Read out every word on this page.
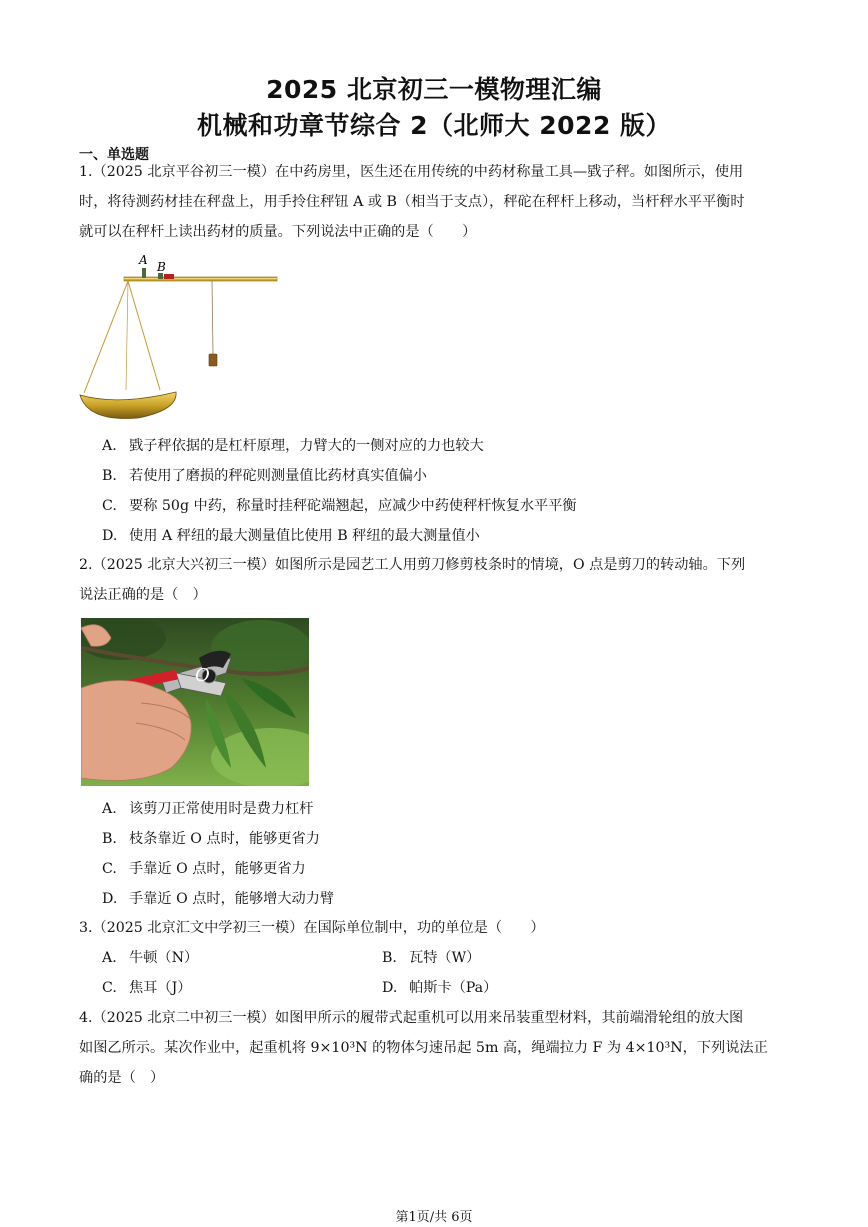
2025 北京初三一模物理汇编
机械和功章节综合 2（北师大 2022 版）
一、单选题

1.（2025 北京平谷初三一模）在中药房里，医生还在用传统的中药材称量工具—戥子秤。如图所示，使用

时，将待测药材挂在秤盘上，用手拎住秤钮 A 或 B（相当于支点），秤砣在秤杆上移动，当杆秤水平平衡时

就可以在秤杆上读出药材的质量。下列说法中正确的是（　　）

A B
A. 戥子秤依据的是杠杆原理，力臂大的一侧对应的力也较大
B. 若使用了磨损的秤砣则测量值比药材真实值偏小
C. 要称 50g 中药，称量时挂秤砣端翘起，应减少中药使秤杆恢复水平平衡
D. 使用 A 秤纽的最大测量值比使用 B 秤纽的最大测量值小

2.（2025 北京大兴初三一模）如图所示是园艺工人用剪刀修剪枝条时的情境，O 点是剪刀的转动轴。下列

说法正确的是（　）

O
A. 该剪刀正常使用时是费力杠杆
B. 枝条靠近 O 点时，能够更省力
C. 手靠近 O 点时，能够更省力
D. 手靠近 O 点时，能够增大动力臂

3.（2025 北京汇文中学初三一模）在国际单位制中，功的单位是（　　）

A. 牛顿（N）	B. 瓦特（W）
C. 焦耳（J）	D. 帕斯卡（Pa）

4.（2025 北京二中初三一模）如图甲所示的履带式起重机可以用来吊装重型材料，其前端滑轮组的放大图

如图乙所示。某次作业中，起重机将 9×10³N 的物体匀速吊起 5m 高，绳端拉力 F 为 4×10³N，下列说法正

确的是（　）

第1页/共 6页
